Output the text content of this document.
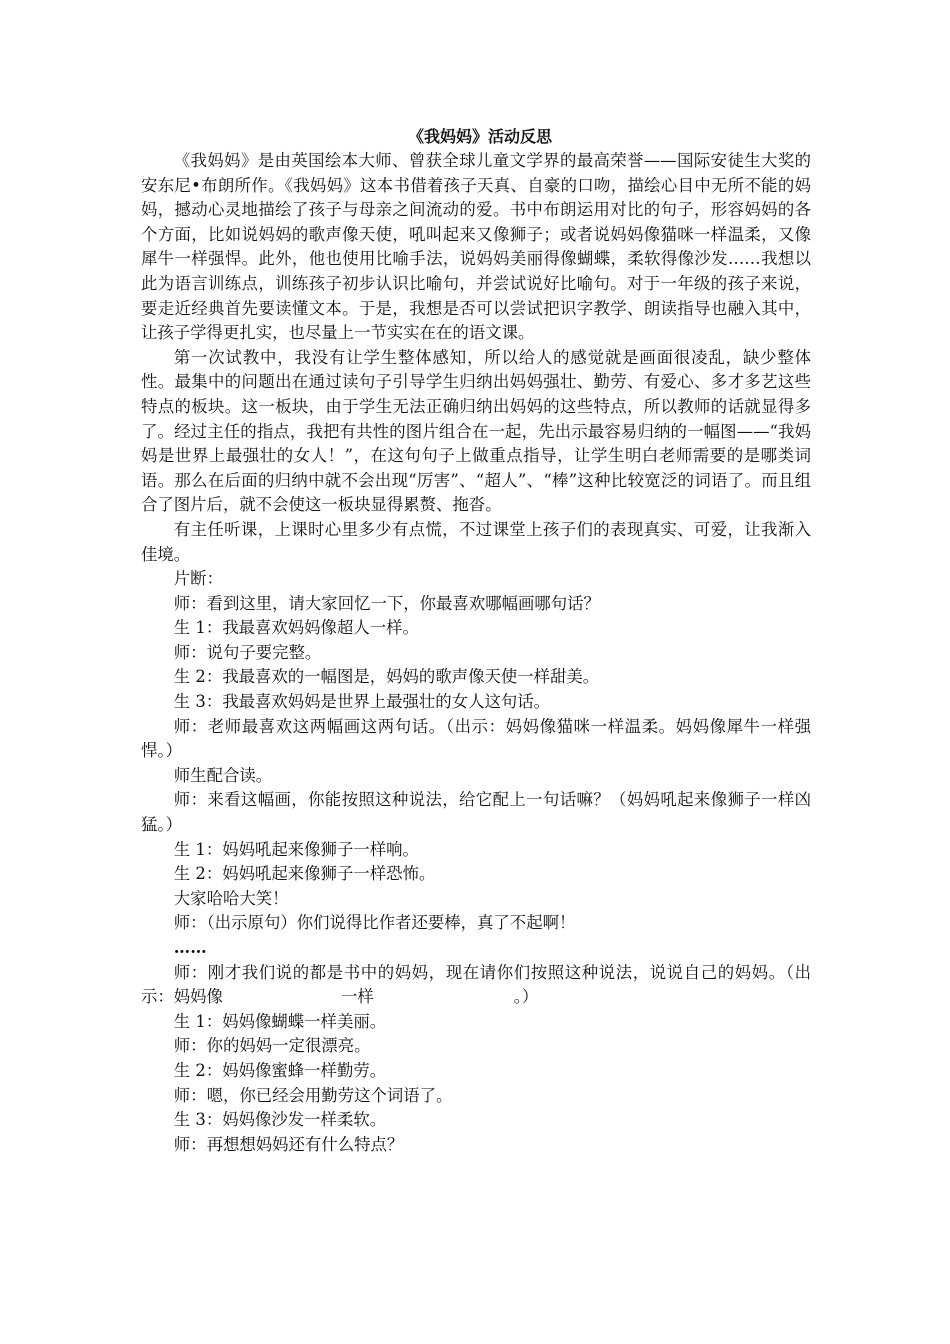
《我妈妈》活动反思

《我妈妈》是由英国绘本大师、曾获全球儿童文学界的最高荣誉——国际安徒生大奖的安东尼•布朗所作。《我妈妈》这本书借着孩子天真、自豪的口吻，描绘心目中无所不能的妈妈，撼动心灵地描绘了孩子与母亲之间流动的爱。书中布朗运用对比的句子，形容妈妈的各个方面，比如说妈妈的歌声像天使，吼叫起来又像狮子；或者说妈妈像猫咪一样温柔，又像犀牛一样强悍。此外，他也使用比喻手法，说妈妈美丽得像蝴蝶，柔软得像沙发……我想以此为语言训练点，训练孩子初步认识比喻句，并尝试说好比喻句。对于一年级的孩子来说，要走近经典首先要读懂文本。于是，我想是否可以尝试把识字教学、朗读指导也融入其中，让孩子学得更扎实，也尽量上一节实实在在的语文课。

第一次试教中，我没有让学生整体感知，所以给人的感觉就是画面很凌乱，缺少整体性。最集中的问题出在通过读句子引导学生归纳出妈妈强壮、勤劳、有爱心、多才多艺这些特点的板块。这一板块，由于学生无法正确归纳出妈妈的这些特点，所以教师的话就显得多了。经过主任的指点，我把有共性的图片组合在一起，先出示最容易归纳的一幅图——“我妈妈是世界上最强壮的女人！”，在这句句子上做重点指导，让学生明白老师需要的是哪类词语。那么在后面的归纳中就不会出现“厉害”、“超人”、“棒”这种比较宽泛的词语了。而且组合了图片后，就不会使这一板块显得累赘、拖沓。

有主任听课，上课时心里多少有点慌，不过课堂上孩子们的表现真实、可爱，让我渐入佳境。

片断：

师：看到这里，请大家回忆一下，你最喜欢哪幅画哪句话？

生 1：我最喜欢妈妈像超人一样。

师：说句子要完整。

生 2：我最喜欢的一幅图是，妈妈的歌声像天使一样甜美。

生 3：我最喜欢妈妈是世界上最强壮的女人这句话。

师：老师最喜欢这两幅画这两句话。（出示：妈妈像猫咪一样温柔。妈妈像犀牛一样强悍。）

师生配合读。

师：来看这幅画，你能按照这种说法，给它配上一句话嘛？（妈妈吼起来像狮子一样凶猛。）

生 1：妈妈吼起来像狮子一样响。

生 2：妈妈吼起来像狮子一样恐怖。

大家哈哈大笑！

师：（出示原句）你们说得比作者还要棒，真了不起啊！

……

师：刚才我们说的都是书中的妈妈，现在请你们按照这种说法，说说自己的妈妈。（出示：妈妈像	一样	。）

生 1：妈妈像蝴蝶一样美丽。

师：你的妈妈一定很漂亮。

生 2：妈妈像蜜蜂一样勤劳。

师：嗯，你已经会用勤劳这个词语了。

生 3：妈妈像沙发一样柔软。

师：再想想妈妈还有什么特点？
